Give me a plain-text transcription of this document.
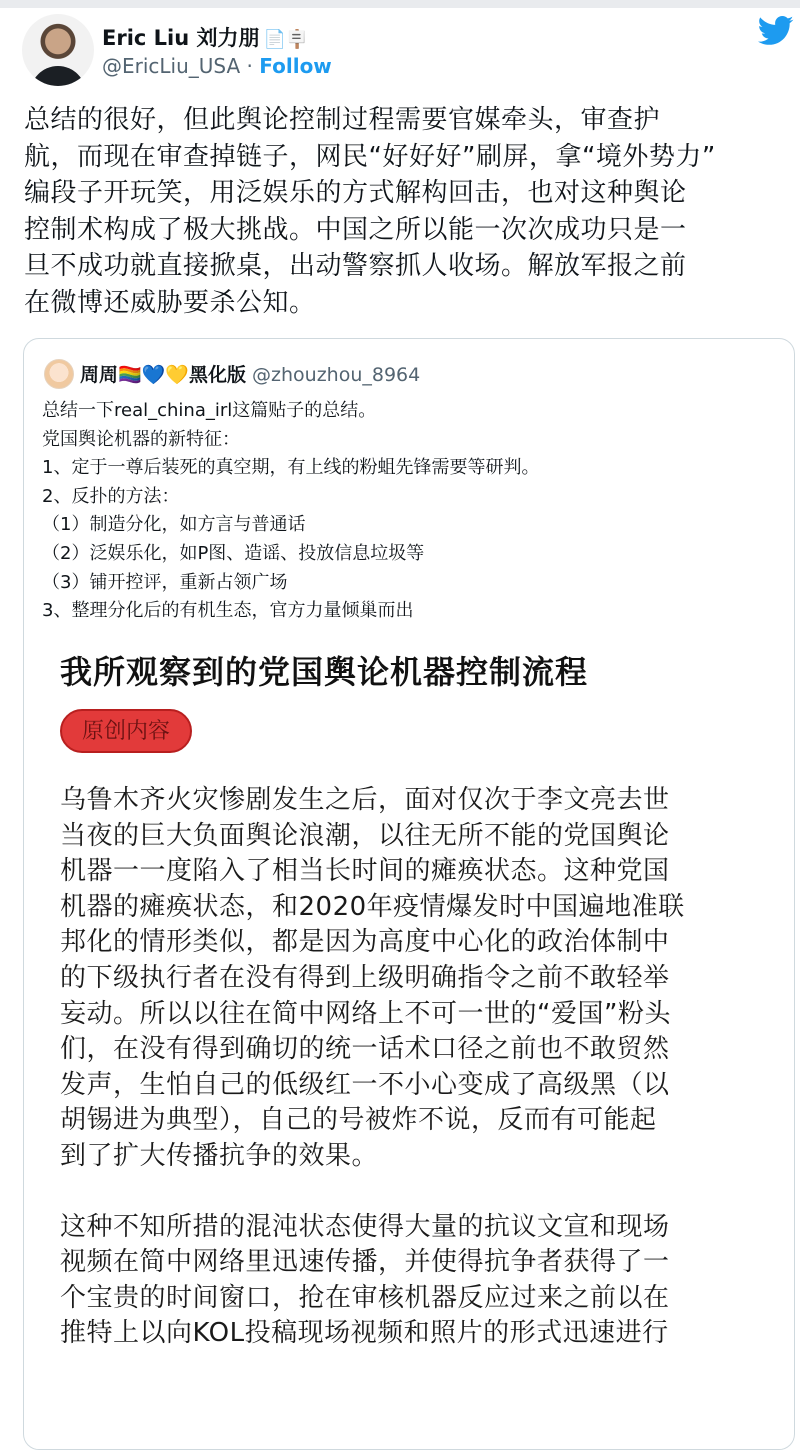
Eric Liu 刘力朋 📄🪧
@EricLiu_USA · Follow
总结的很好，但此舆论控制过程需要官媒牵头，审查护
航，而现在审查掉链子，网民“好好好”刷屏，拿“境外势力”
编段子开玩笑，用泛娱乐的方式解构回击，也对这种舆论
控制术构成了极大挑战。中国之所以能一次次成功只是一
旦不成功就直接掀桌，出动警察抓人收场。解放军报之前
在微博还威胁要杀公知。
周周🏳️‍🌈💙💛黑化版 @zhouzhou_8964
总结一下real_china_irl这篇贴子的总结。
党国舆论机器的新特征：
1、定于一尊后装死的真空期，有上线的粉蛆先锋需要等研判。
2、反扑的方法：
（1）制造分化，如方言与普通话
（2）泛娱乐化，如P图、造谣、投放信息垃圾等
（3）铺开控评，重新占领广场
3、整理分化后的有机生态，官方力量倾巢而出
我所观察到的党国舆论机器控制流程
原创内容
乌鲁木齐火灾惨剧发生之后，面对仅次于李文亮去世
当夜的巨大负面舆论浪潮，以往无所不能的党国舆论
机器一一度陷入了相当长时间的瘫痪状态。这种党国
机器的瘫痪状态，和2020年疫情爆发时中国遍地准联
邦化的情形类似，都是因为高度中心化的政治体制中
的下级执行者在没有得到上级明确指令之前不敢轻举
妄动。所以以往在简中网络上不可一世的“爱国”粉头
们，在没有得到确切的统一话术口径之前也不敢贸然
发声，生怕自己的低级红一不小心变成了高级黑（以
胡锡进为典型），自己的号被炸不说，反而有可能起
到了扩大传播抗争的效果。
这种不知所措的混沌状态使得大量的抗议文宣和现场
视频在简中网络里迅速传播，并使得抗争者获得了一
个宝贵的时间窗口，抢在审核机器反应过来之前以在
推特上以向KOL投稿现场视频和照片的形式迅速进行
